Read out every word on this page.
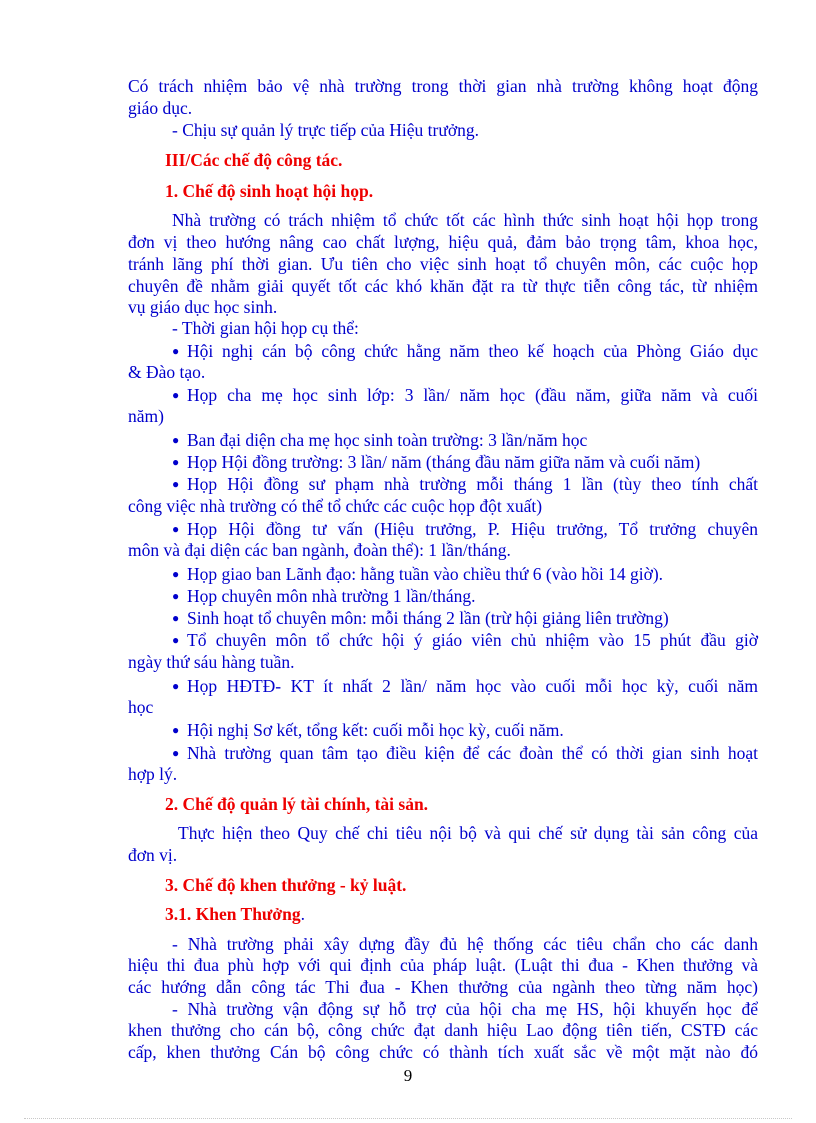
Có trách nhiệm bảo vệ nhà trường trong thời gian nhà trường không hoạt động

giáo dục.

- Chịu sự quản lý trực tiếp của Hiệu trưởng.

III/Các chế độ công tác.

1. Chế độ sinh hoạt hội họp.

Nhà trường có trách nhiệm tổ chức tốt các hình thức sinh hoạt hội họp trong

đơn vị theo hướng nâng cao chất lượng, hiệu quả, đảm bảo trọng tâm, khoa học,

tránh lãng phí thời gian. Ưu tiên cho việc sinh hoạt tổ chuyên môn, các cuộc họp

chuyên đề nhằm giải quyết tốt các khó khăn đặt ra từ thực tiễn công tác, từ nhiệm

vụ giáo dục học sinh.

- Thời gian hội họp cụ thể:

● Hội nghị cán bộ công chức hằng năm theo kế hoạch của Phòng Giáo dục

& Đào tạo.

● Họp cha mẹ học sinh lớp: 3 lần/ năm học (đầu năm, giữa năm và cuối

năm)

● Ban đại diện cha mẹ học sinh toàn trường: 3 lần/năm học

● Họp Hội đồng trường: 3 lần/ năm (tháng đầu năm giữa năm và cuối năm)

● Họp Hội đồng sư phạm nhà trường mỗi tháng 1 lần (tùy theo tính chất

công việc nhà trường có thể tổ chức các cuộc họp đột xuất)

● Họp Hội đồng tư vấn (Hiệu trưởng, P. Hiệu trưởng, Tổ trưởng chuyên

môn và đại diện các ban ngành, đoàn thể): 1 lần/tháng.

● Họp giao ban Lãnh đạo: hằng tuần vào chiều thứ 6 (vào hồi 14 giờ).

● Họp chuyên môn nhà trường 1 lần/tháng.

● Sinh hoạt tổ chuyên môn: mỗi tháng 2 lần (trừ hội giảng liên trường)

● Tổ chuyên môn tổ chức hội ý giáo viên chủ nhiệm vào 15 phút đầu giờ

ngày thứ sáu hàng tuần.

● Họp HĐTĐ- KT ít nhất 2 lần/ năm học vào cuối mỗi học kỳ, cuối năm

học

● Hội nghị Sơ kết, tổng kết: cuối mỗi học kỳ, cuối năm.

● Nhà trường quan tâm tạo điều kiện để các đoàn thể có thời gian sinh hoạt

hợp lý.

2. Chế độ quản lý tài chính, tài sản.

Thực hiện theo Quy chế chi tiêu nội bộ và qui chế sử dụng tài sản công của

đơn vị.

3. Chế độ khen thưởng - kỷ luật.

3.1. Khen Thưởng.

- Nhà trường phải xây dựng đầy đủ hệ thống các tiêu chẩn cho các danh

hiệu thi đua phù hợp với qui định của pháp luật. (Luật thi đua - Khen thưởng và

các hướng dẫn công tác Thi đua - Khen thưởng của ngành theo từng năm học)

- Nhà trường vận động sự hỗ trợ của hội cha mẹ HS, hội khuyến học để

khen thưởng cho cán bộ, công chức đạt danh hiệu Lao động tiên tiến, CSTĐ các

cấp, khen thưởng Cán bộ công chức có thành tích xuất sắc về một mặt nào đó

9
